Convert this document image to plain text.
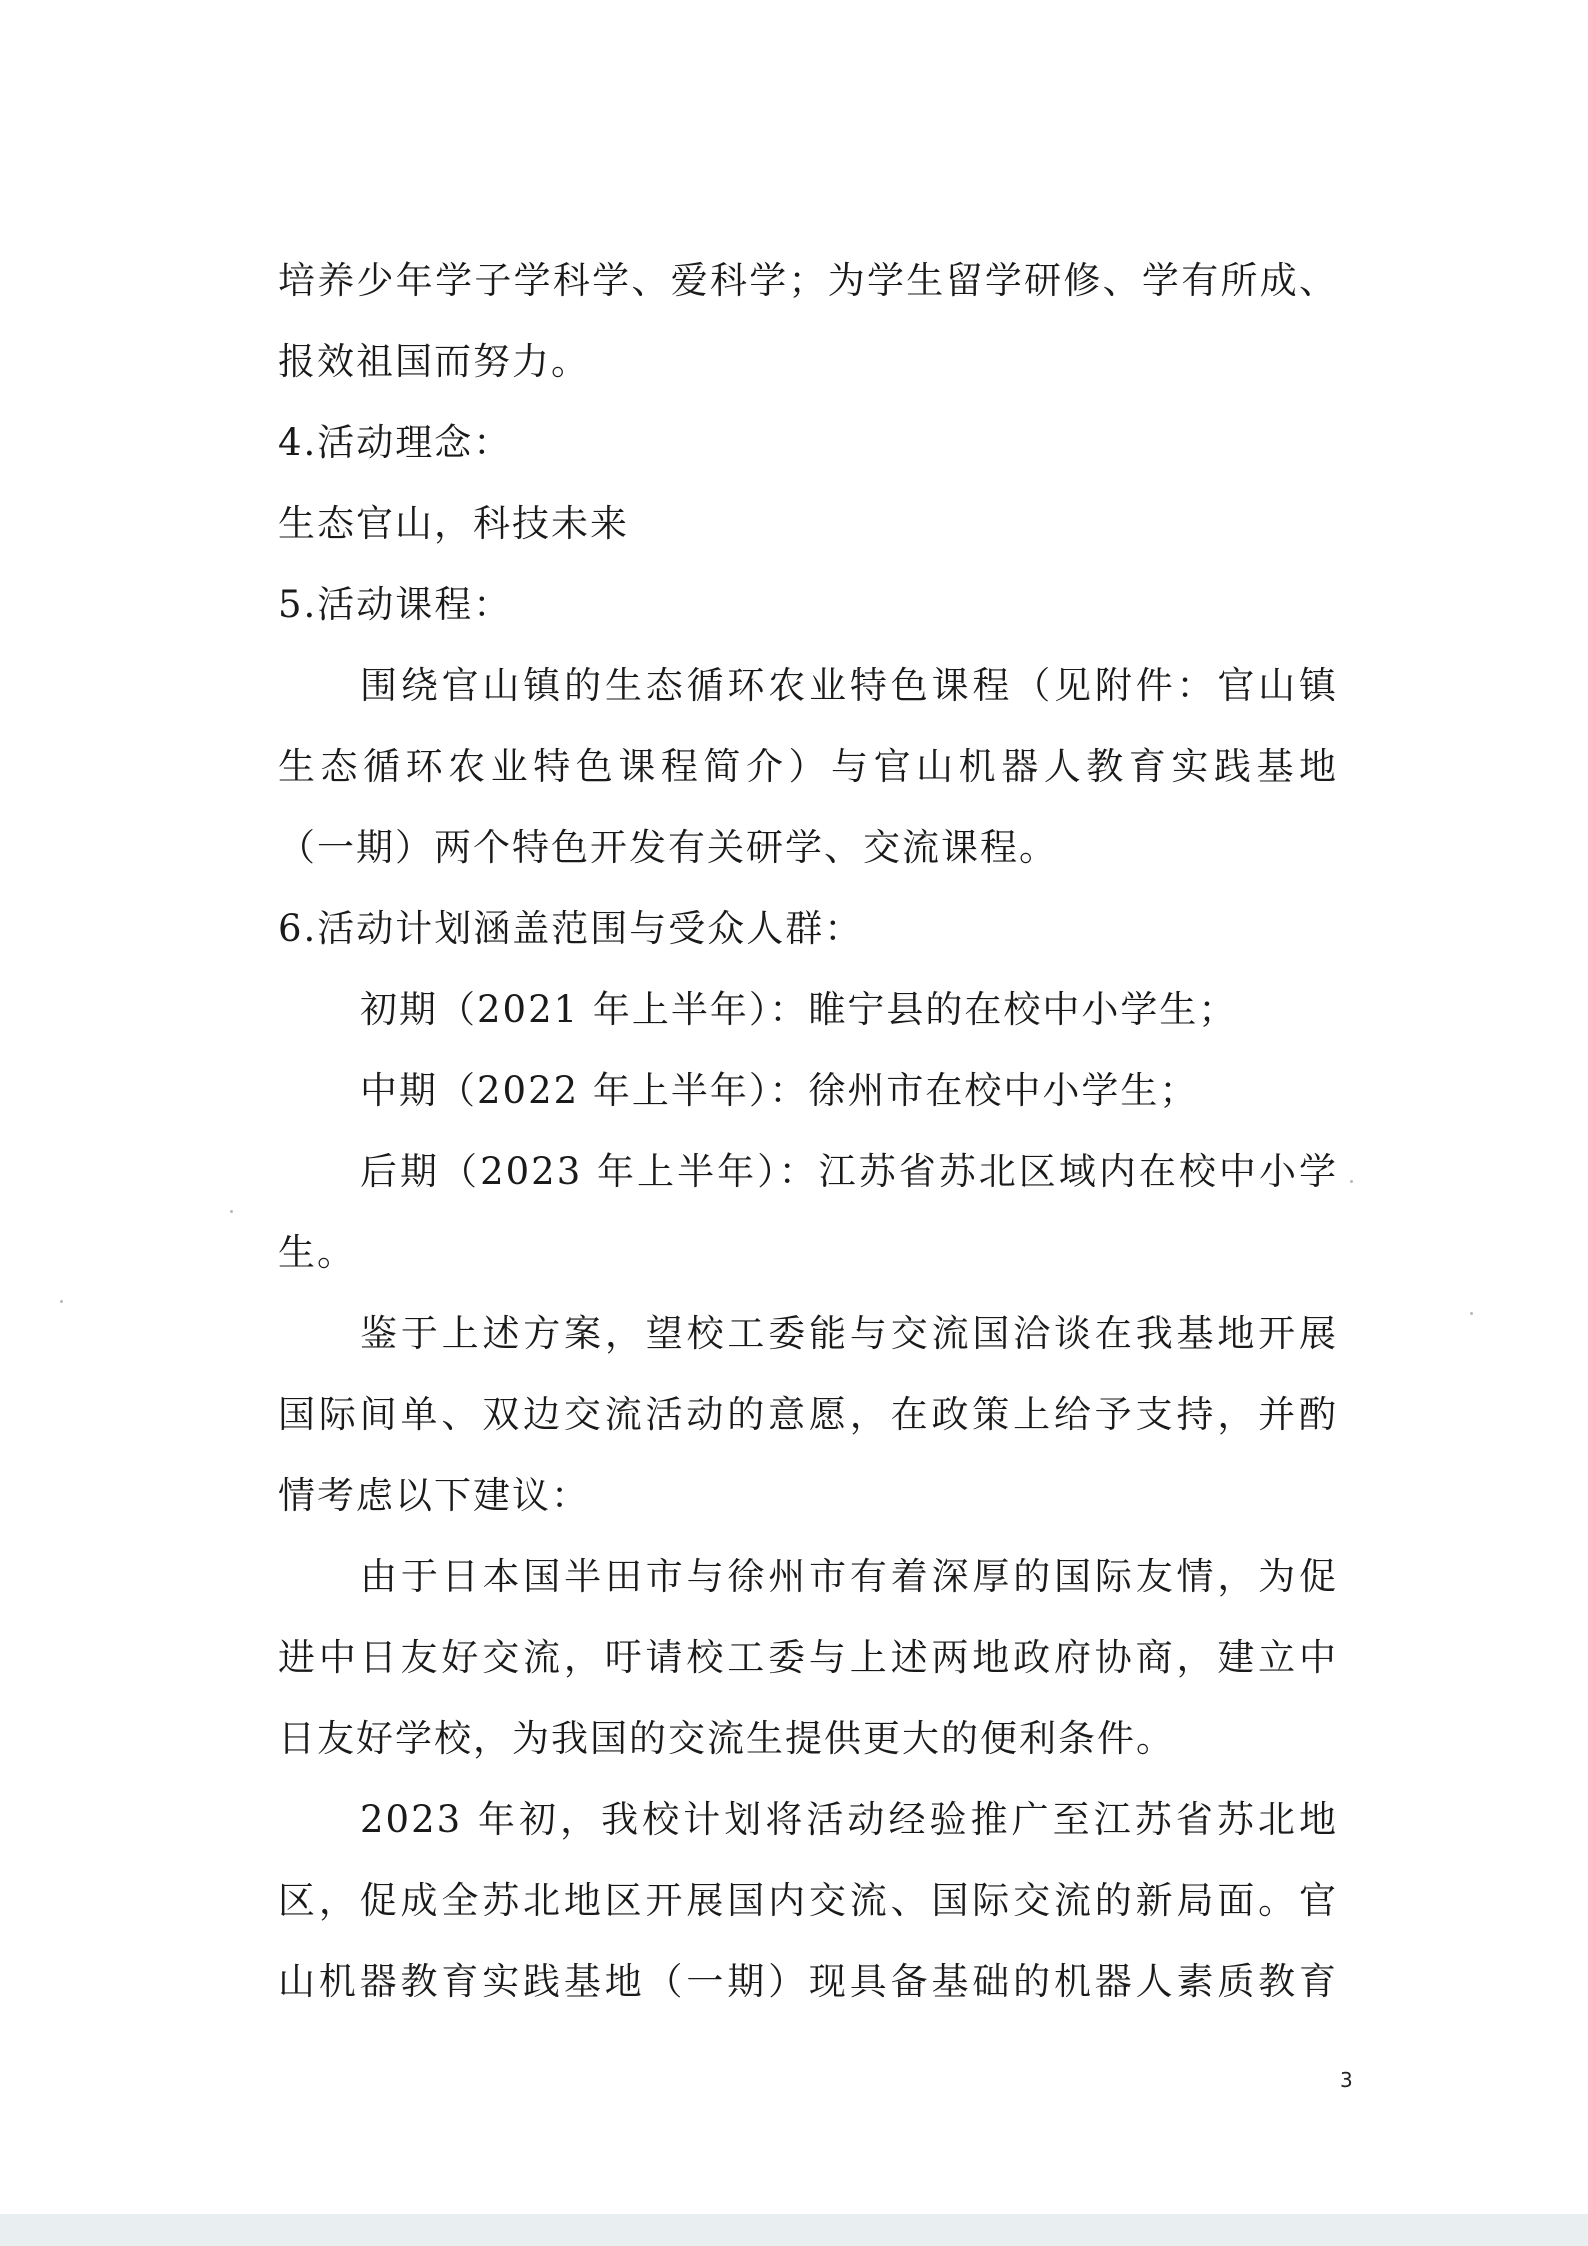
培养少年学子学科学、爱科学；为学生留学研修、学有所成、
报效祖国而努力。
4.活动理念：
生态官山，科技未来
5.活动课程：
围绕官山镇的生态循环农业特色课程（见附件：官山镇
生态循环农业特色课程简介）与官山机器人教育实践基地
（一期）两个特色开发有关研学、交流课程。
6.活动计划涵盖范围与受众人群：
初期（2021 年上半年）：睢宁县的在校中小学生；
中期（2022 年上半年）：徐州市在校中小学生；
后期（2023 年上半年）：江苏省苏北区域内在校中小学
生。
鉴于上述方案，望校工委能与交流国洽谈在我基地开展
国际间单、双边交流活动的意愿，在政策上给予支持，并酌
情考虑以下建议：
由于日本国半田市与徐州市有着深厚的国际友情，为促
进中日友好交流，吁请校工委与上述两地政府协商，建立中
日友好学校，为我国的交流生提供更大的便利条件。
2023 年初，我校计划将活动经验推广至江苏省苏北地
区，促成全苏北地区开展国内交流、国际交流的新局面。官
山机器教育实践基地（一期）现具备基础的机器人素质教育
3
